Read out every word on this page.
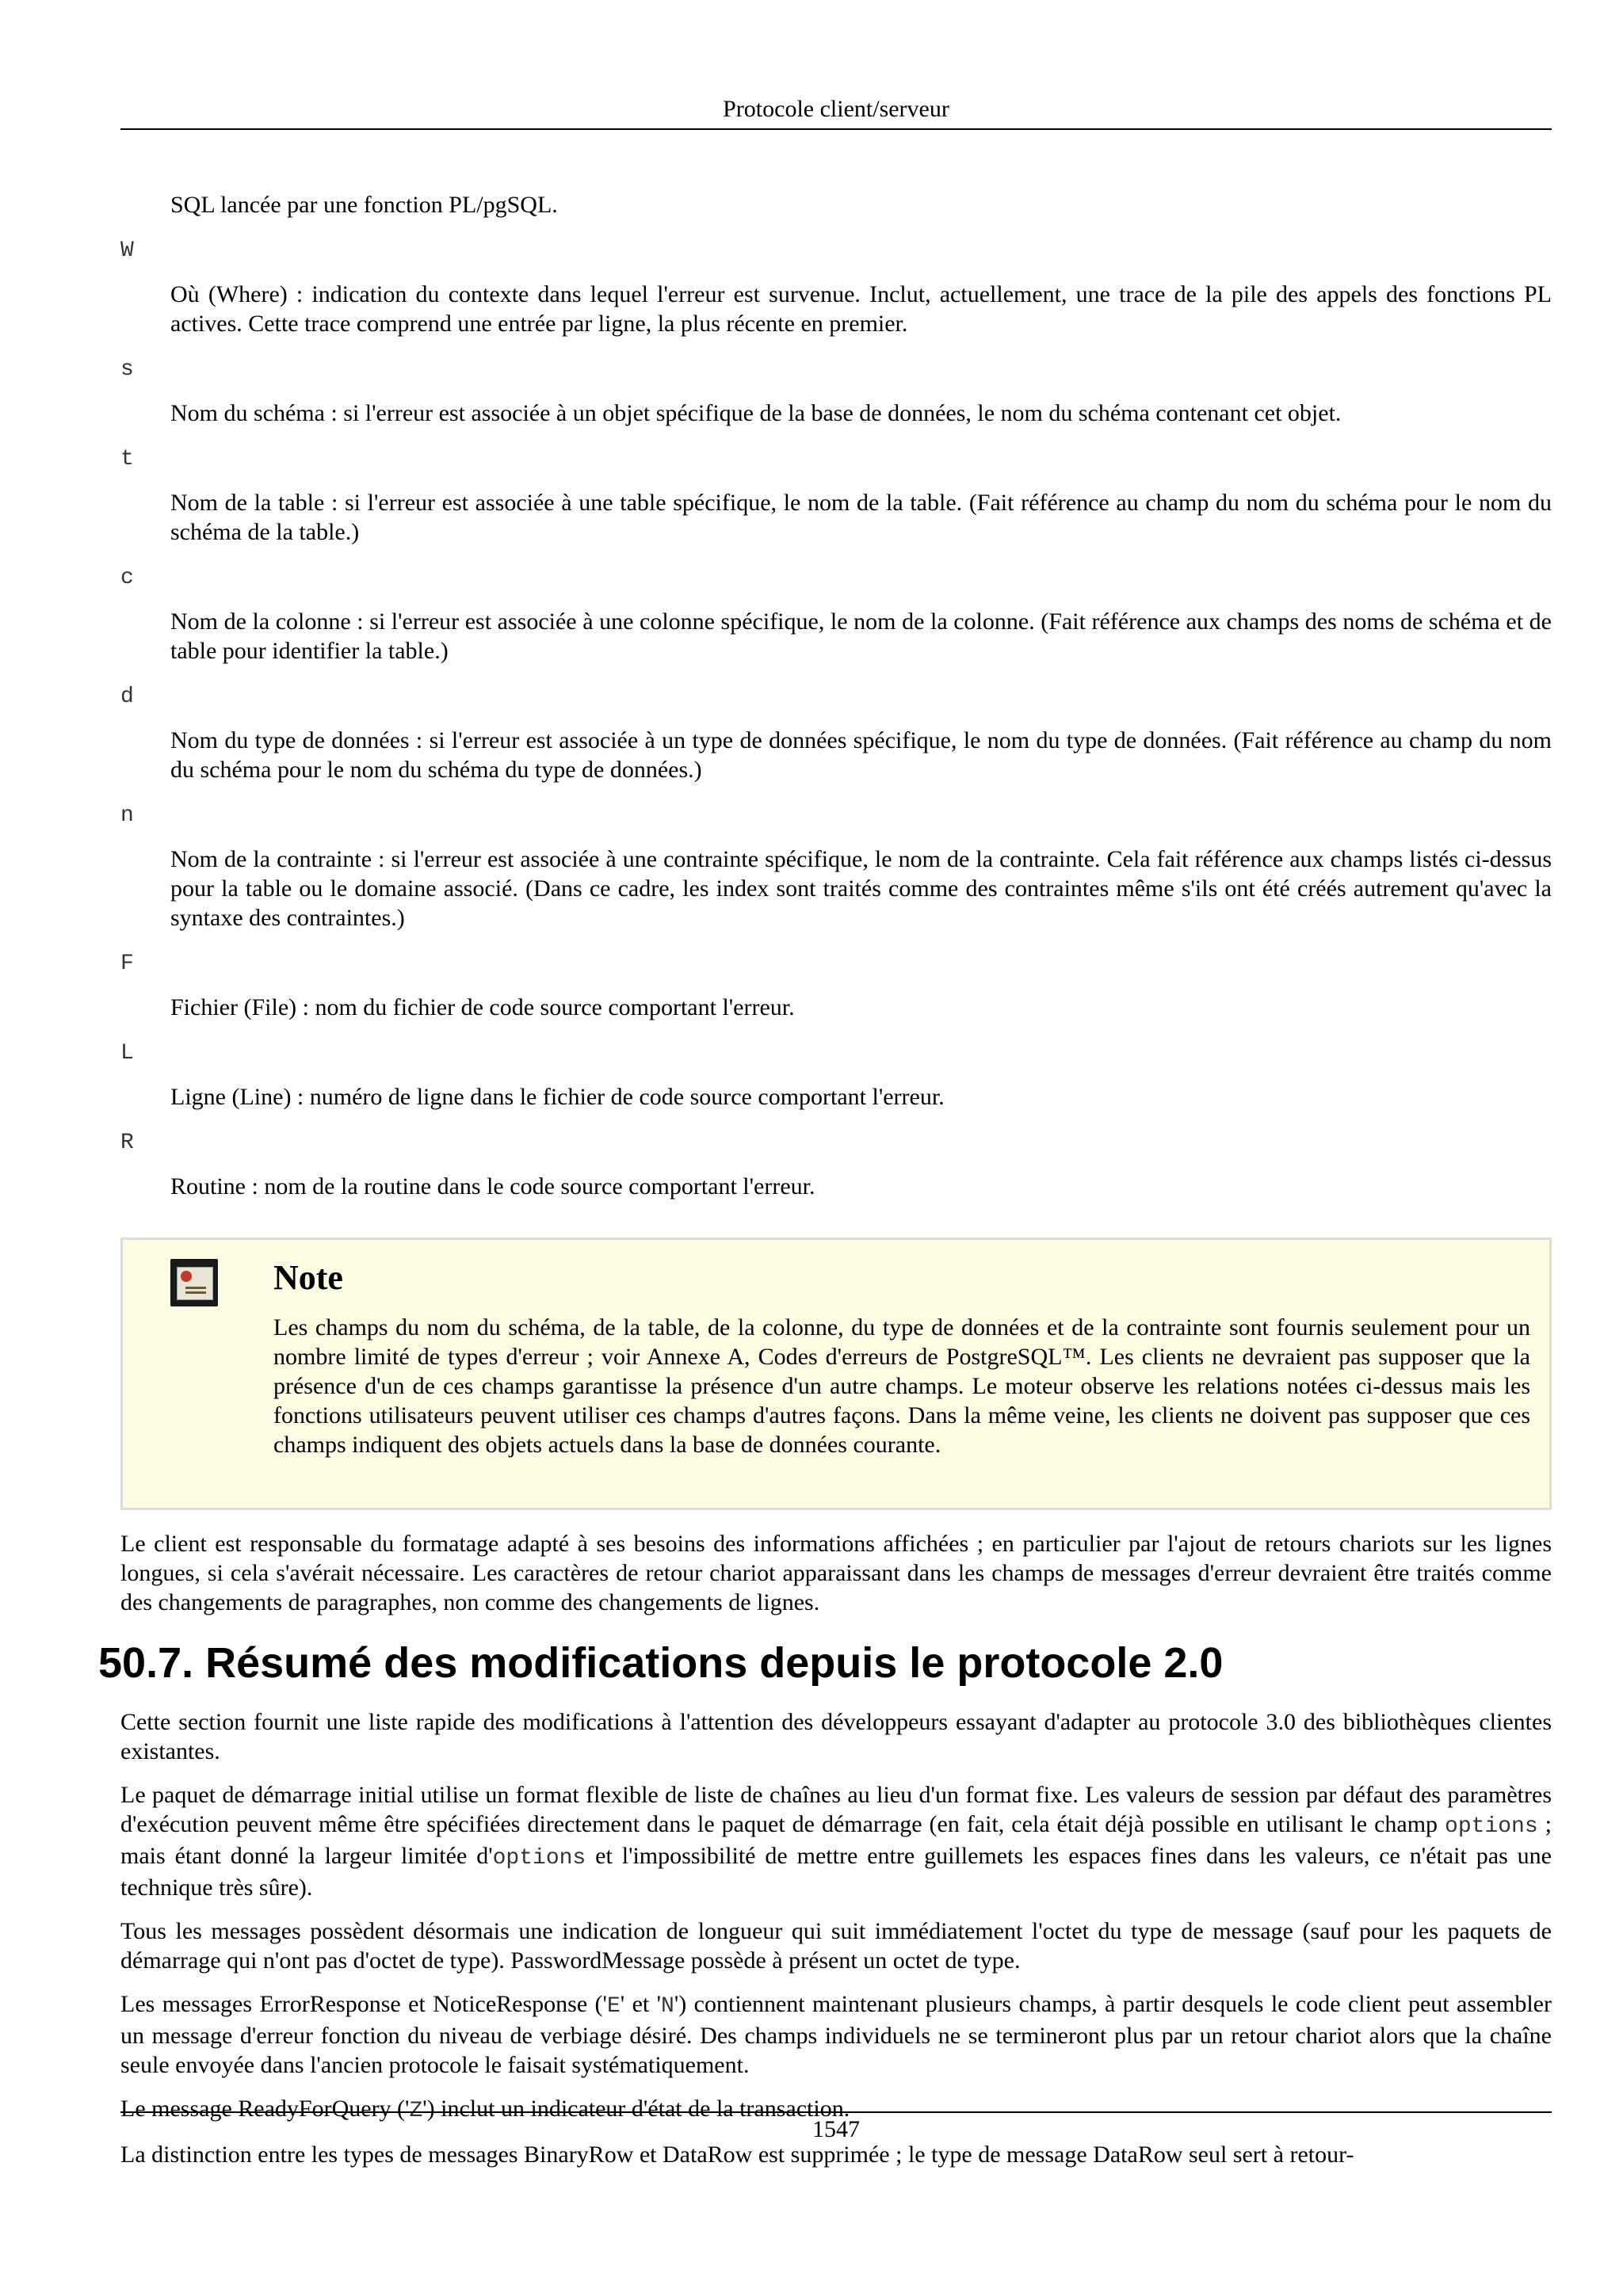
Protocole client/serveur

SQL lancée par une fonction PL/pgSQL.

W
Où (Where) : indication du contexte dans lequel l'erreur est survenue. Inclut, actuellement, une trace de la pile des appels des fonctions PL actives. Cette trace comprend une entrée par ligne, la plus récente en premier.
s
Nom du schéma : si l'erreur est associée à un objet spécifique de la base de données, le nom du schéma contenant cet objet.
t
Nom de la table : si l'erreur est associée à une table spécifique, le nom de la table. (Fait référence au champ du nom du schéma pour le nom du schéma de la table.)
c
Nom de la colonne : si l'erreur est associée à une colonne spécifique, le nom de la colonne. (Fait référence aux champs des noms de schéma et de table pour identifier la table.)
d
Nom du type de données : si l'erreur est associée à un type de données spécifique, le nom du type de données. (Fait référence au champ du nom du schéma pour le nom du schéma du type de données.)
n
Nom de la contrainte : si l'erreur est associée à une contrainte spécifique, le nom de la contrainte. Cela fait référence aux champs listés ci-dessus pour la table ou le domaine associé. (Dans ce cadre, les index sont traités comme des contraintes même s'ils ont été créés autrement qu'avec la syntaxe des contraintes.)
F
Fichier (File) : nom du fichier de code source comportant l'erreur.
L
Ligne (Line) : numéro de ligne dans le fichier de code source comportant l'erreur.
R
Routine : nom de la routine dans le code source comportant l'erreur.
Note

Les champs du nom du schéma, de la table, de la colonne, du type de données et de la contrainte sont fournis seulement pour un nombre limité de types d'erreur ; voir Annexe A, Codes d'erreurs de PostgreSQL™. Les clients ne devraient pas supposer que la présence d'un de ces champs garantisse la présence d'un autre champs. Le moteur observe les relations notées ci-dessus mais les fonctions utilisateurs peuvent utiliser ces champs d'autres façons. Dans la même veine, les clients ne doivent pas supposer que ces champs indiquent des objets actuels dans la base de données courante.

Le client est responsable du formatage adapté à ses besoins des informations affichées ; en particulier par l'ajout de retours chariots sur les lignes longues, si cela s'avérait nécessaire. Les caractères de retour chariot apparaissant dans les champs de messages d'erreur devraient être traités comme des changements de paragraphes, non comme des changements de lignes.

50.7. Résumé des modifications depuis le protocole 2.0

Cette section fournit une liste rapide des modifications à l'attention des développeurs essayant d'adapter au protocole 3.0 des bibliothèques clientes existantes.

Le paquet de démarrage initial utilise un format flexible de liste de chaînes au lieu d'un format fixe. Les valeurs de session par défaut des paramètres d'exécution peuvent même être spécifiées directement dans le paquet de démarrage (en fait, cela était déjà possible en utilisant le champ options ; mais étant donné la largeur limitée d'options et l'impossibilité de mettre entre guillemets les espaces fines dans les valeurs, ce n'était pas une technique très sûre).

Tous les messages possèdent désormais une indication de longueur qui suit immédiatement l'octet du type de message (sauf pour les paquets de démarrage qui n'ont pas d'octet de type). PasswordMessage possède à présent un octet de type.

Les messages ErrorResponse et NoticeResponse ('E' et 'N') contiennent maintenant plusieurs champs, à partir desquels le code client peut assembler un message d'erreur fonction du niveau de verbiage désiré. Des champs individuels ne se termineront plus par un retour chariot alors que la chaîne seule envoyée dans l'ancien protocole le faisait systématiquement.

Le message ReadyForQuery ('Z') inclut un indicateur d'état de la transaction.

La distinction entre les types de messages BinaryRow et DataRow est supprimée ; le type de message DataRow seul sert à retour-

1547
